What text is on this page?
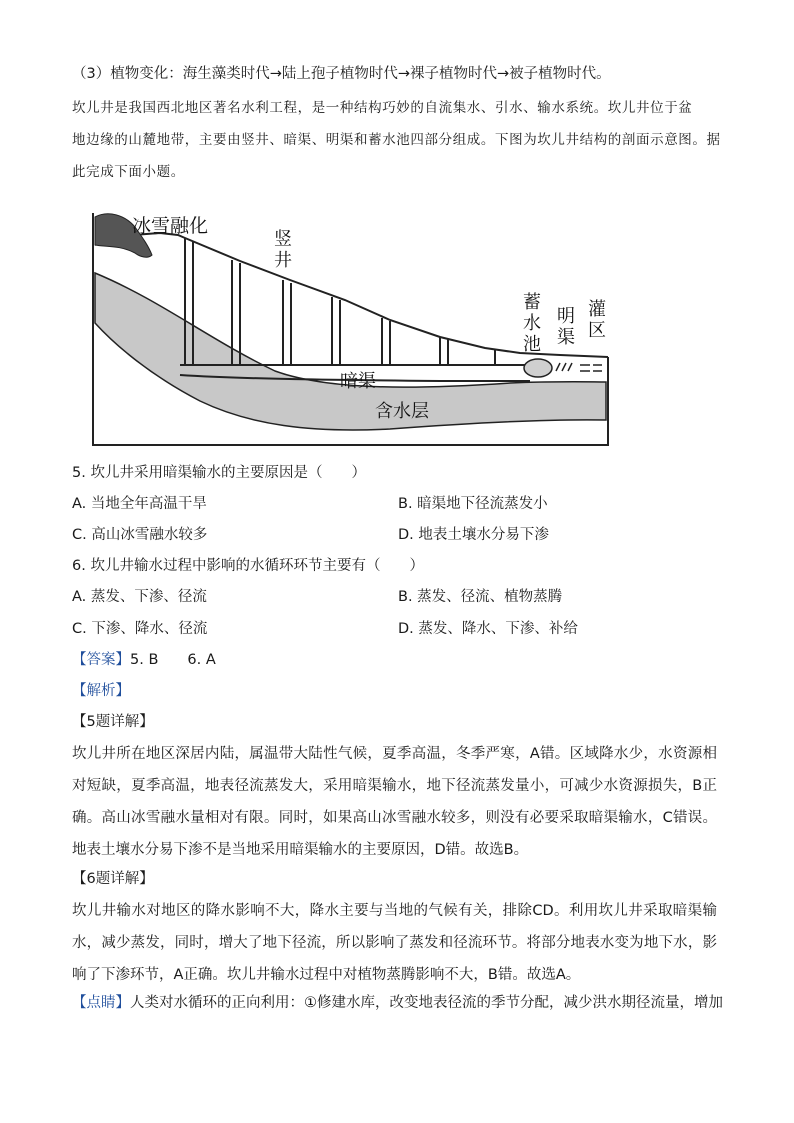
（3）植物变化：海生藻类时代→陆上孢子植物时代→裸子植物时代→被子植物时代。
坎儿井是我国西北地区著名水利工程，是一种结构巧妙的自流集水、引水、输水系统。坎儿井位于盆
地边缘的山麓地带，主要由竖井、暗渠、明渠和蓄水池四部分组成。下图为坎儿井结构的剖面示意图。据
此完成下面小题。
冰雪融化
竖
井
蓄
水
池
明
渠
灌
区
暗渠
含水层
5. 坎儿井采用暗渠输水的主要原因是（　　）
A. 当地全年高温干旱	B. 暗渠地下径流蒸发小
C. 高山冰雪融水较多	D. 地表土壤水分易下渗
6. 坎儿井输水过程中影响的水循环环节主要有（　　）
A. 蒸发、下渗、径流	B. 蒸发、径流、植物蒸腾
C. 下渗、降水、径流	D. 蒸发、降水、下渗、补给
【答案】5. B　　6. A
【解析】
【5题详解】
坎儿井所在地区深居内陆，属温带大陆性气候，夏季高温，冬季严寒，A错。区域降水少，水资源相对短缺，夏季高温，地表径流蒸发大，采用暗渠输水，地下径流蒸发量小，可减少水资源损失，B正确。高山冰雪融水量相对有限。同时，如果高山冰雪融水较多，则没有必要采取暗渠输水，C错误。地表土壤水分易下渗不是当地采用暗渠输水的主要原因，D错。故选B。
【6题详解】
坎儿井输水对地区的降水影响不大，降水主要与当地的气候有关，排除CD。利用坎儿井采取暗渠输水，减少蒸发，同时，增大了地下径流，所以影响了蒸发和径流环节。将部分地表水变为地下水，影响了下渗环节，A正确。坎儿井输水过程中对植物蒸腾影响不大，B错。故选A。
【点睛】人类对水循环的正向利用：①修建水库，改变地表径流的季节分配，减少洪水期径流量，增加
